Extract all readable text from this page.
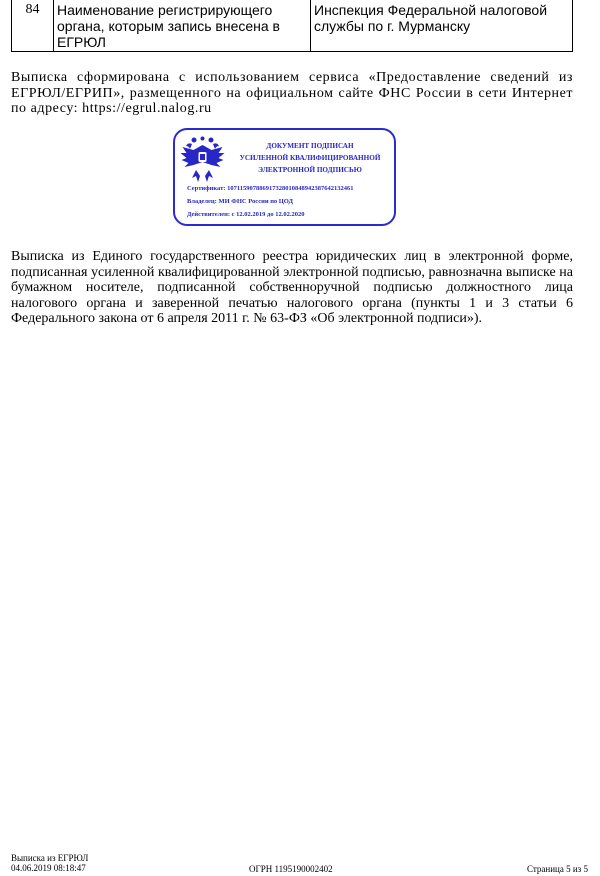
84	Наименование регистрирующего органа, которым запись внесена в ЕГРЮЛ	Инспекция Федеральной налоговой службы по г. Мурманску
Выписка сформирована с использованием сервиса «Предоставление сведений из ЕГРЮЛ/ЕГРИП», размещенного на официальном сайте ФНС России в сети Интернет по адресу: https://egrul.nalog.ru
ДОКУМЕНТ ПОДПИСАН
УСИЛЕННОЙ КВАЛИФИЦИРОВАННОЙ
ЭЛЕКТРОННОЙ ПОДПИСЬЮ
Сертификат: 107115907886917328010848942387642132461
Владелец: МИ ФНС России по ЦОД
Действителен: с 12.02.2019 до 12.02.2020
Выписка из Единого государственного реестра юридических лиц в электронной форме, подписанная усиленной квалифицированной электронной подписью, равнозначна выписке на бумажном носителе, подписанной собственноручной подписью должностного лица налогового органа и заверенной печатью налогового органа (пункты 1 и 3 статьи 6 Федерального закона от 6 апреля 2011 г. № 63-ФЗ «Об электронной подписи»).
Выписка из ЕГРЮЛ
04.06.2019 08:18:47	ОГРН 1195190002402	Страница 5 из 5
